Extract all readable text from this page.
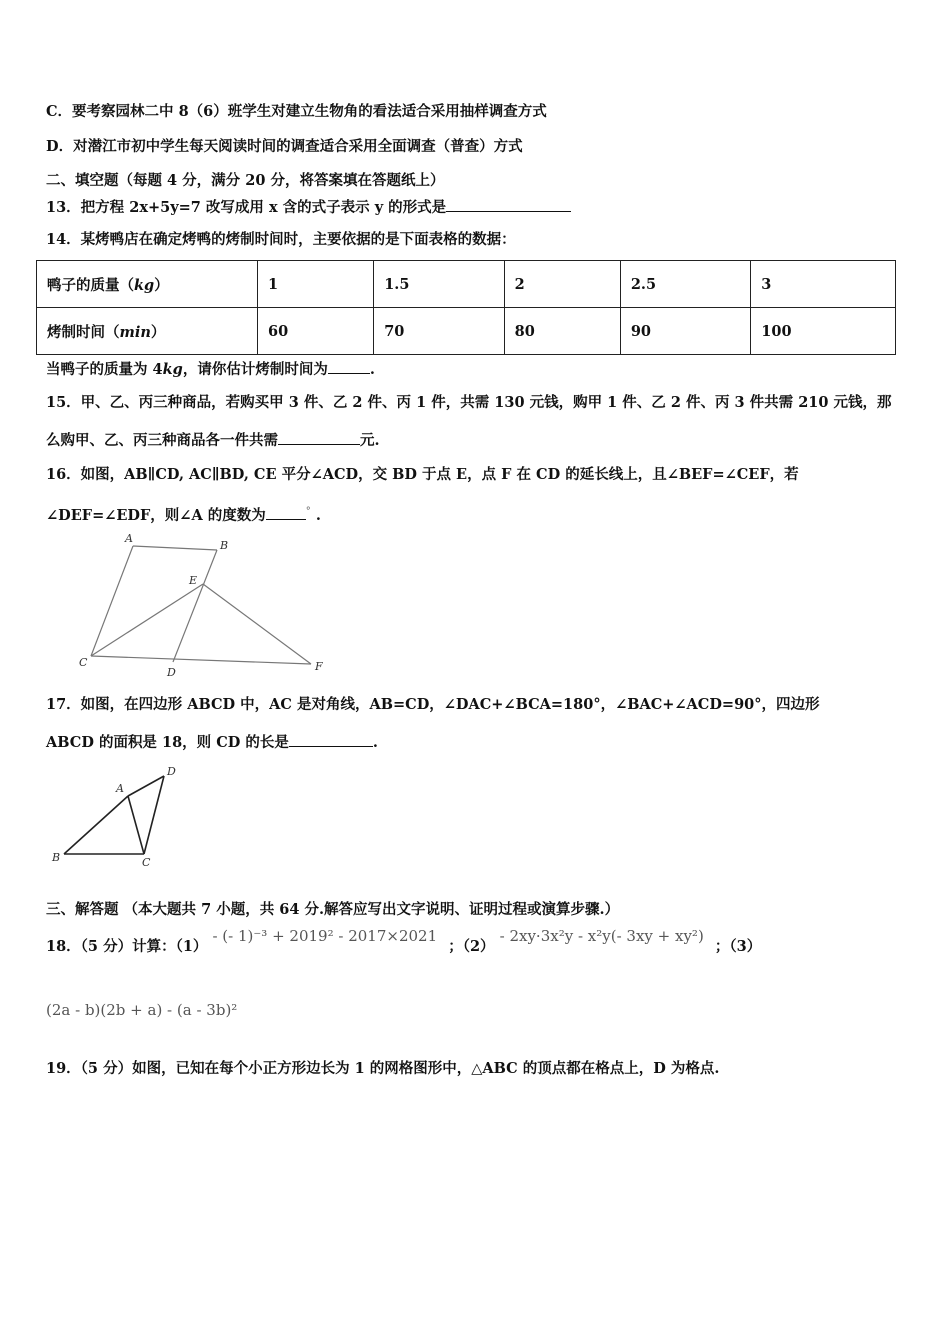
C．要考察园林二中 8（6）班学生对建立生物角的看法适合采用抽样调查方式
D．对潜江市初中学生每天阅读时间的调查适合采用全面调查（普查）方式
二、填空题（每题 4 分，满分 20 分，将答案填在答题纸上）
13．把方程 2x+5y=7 改写成用 x 含的式子表示 y 的形式是
14．某烤鸭店在确定烤鸭的烤制时间时，主要依据的是下面表格的数据：
鸭子的质量（kg）	1	1.5	2	2.5	3
烤制时间（min）	60	70	80	90	100
当鸭子的质量为 4kg，请你估计烤制时间为	.
15．甲、乙、丙三种商品，若购买甲 3 件、乙 2 件、丙 1 件，共需 130 元钱，购甲 1 件、乙 2 件、丙 3 件共需 210 元钱，那
么购甲、乙、丙三种商品各一件共需	元.
16．如图，AB∥CD, AC∥BD, CE 平分∠ACD，交 BD 于点 E，点 F 在 CD 的延长线上，且∠BEF=∠CEF，若
∠DEF=∠EDF，则∠A 的度数为	° .
A
B
E
C
D	F
17．如图，在四边形 ABCD 中，AC 是对角线，AB=CD，∠DAC+∠BCA=180°，∠BAC+∠ACD=90°，四边形
ABCD 的面积是 18，则 CD 的长是	.
A
D
B	C
三、解答题 （本大题共 7 小题，共 64 分.解答应写出文字说明、证明过程或演算步骤.）
18．（5 分）计算：（1） - (- 1)⁻³ + 2019² - 2017×2021 ；（2） - 2xy·3x²y - x²y(- 3xy + xy²) ；（3）
(2a - b)(2b + a) - (a - 3b)²
19．（5 分）如图，已知在每个小正方形边长为 1 的网格图形中，△ABC 的顶点都在格点上，D 为格点.
